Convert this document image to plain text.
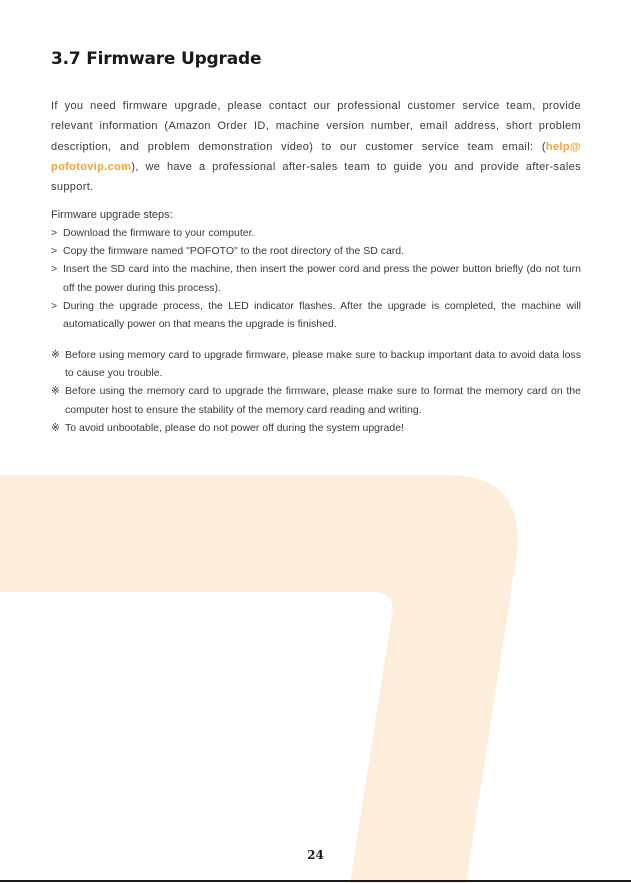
3.7 Firmware Upgrade

If you need firmware upgrade, please contact our professional customer service team, provide relevant information (Amazon Order ID, machine version number, email address, short problem description, and problem demonstration video) to our customer service team email: (help@ pofotovip.com), we have a professional after-sales team to guide you and provide after-sales support.

Firmware upgrade steps:
> Download the firmware to your computer.
> Copy the firmware named "POFOTO" to the root directory of the SD card.
> Insert the SD card into the machine, then insert the power cord and press the power button briefly (do not turn off the power during this process).
> During the upgrade process, the LED indicator flashes. After the upgrade is completed, the machine will automatically power on that means the upgrade is finished.
※ Before using memory card to upgrade firmware, please make sure to backup important data to avoid data loss to cause you trouble.
※ Before using the memory card to upgrade the firmware, please make sure to format the memory card on the computer host to ensure the stability of the memory card reading and writing.
※ To avoid unbootable, please do not power off during the system upgrade!
24
